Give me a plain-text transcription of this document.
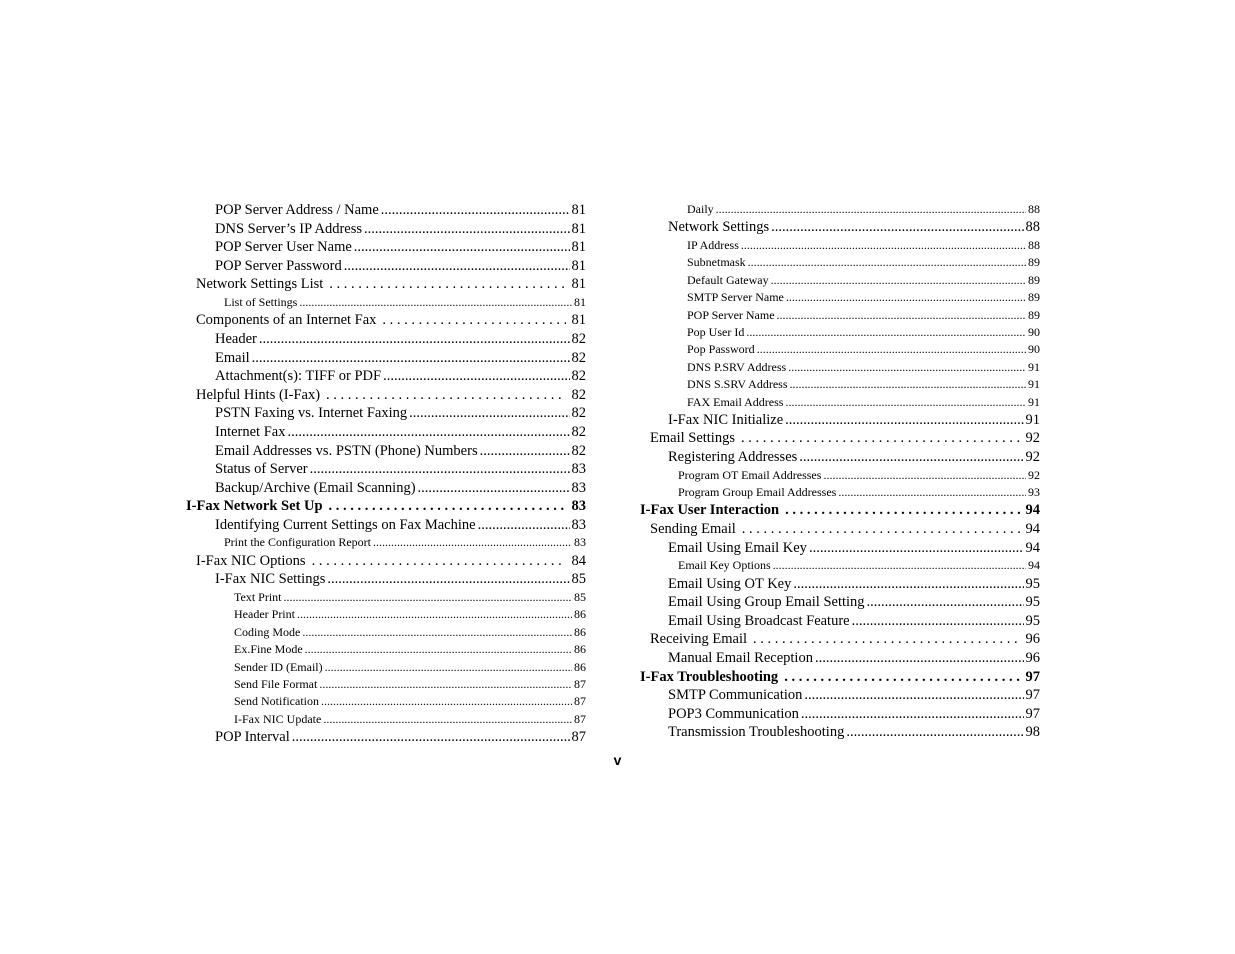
POP Server Address / Name .....	81
DNS Server’s IP Address .....	81
POP Server User Name .....	81
POP Server Password .....	81
Network Settings List . . .	81
List of Settings .....	81
Components of an Internet Fax . . .	81
Header .....	82
Email .....	82
Attachment(s): TIFF or PDF .....	82
Helpful Hints (I-Fax) . . .	82
PSTN Faxing vs. Internet Faxing .....	82
Internet Fax .....	82
Email Addresses vs. PSTN (Phone) Numbers .....	82
Status of Server .....	83
Backup/Archive (Email Scanning) .....	83
I-Fax Network Set Up . . .	83
Identifying Current Settings on Fax Machine .....	83
Print the Configuration Report .....	83
I-Fax NIC Options . . .	84
I-Fax NIC Settings .....	85
Text Print .....	85
Header Print .....	86
Coding Mode .....	86
Ex.Fine Mode .....	86
Sender ID (Email) .....	86
Send File Format .....	87
Send Notification .....	87
I-Fax NIC Update .....	87
POP Interval .....	87
Daily .....	88
Network Settings .....	88
IP Address .....	88
Subnetmask .....	89
Default Gateway .....	89
SMTP Server Name .....	89
POP Server Name .....	89
Pop User Id .....	90
Pop Password .....	90
DNS P.SRV Address .....	91
DNS S.SRV Address .....	91
FAX Email Address .....	91
I-Fax NIC Initialize .....	91
Email Settings . . .	92
Registering Addresses .....	92
Program OT Email Addresses .....	92
Program Group Email Addresses .....	93
I-Fax User Interaction . . .	94
Sending Email . . .	94
Email Using Email Key .....	94
Email Key Options .....	94
Email Using OT Key .....	95
Email Using Group Email Setting .....	95
Email Using Broadcast Feature .....	95
Receiving Email . . .	96
Manual Email Reception .....	96
I-Fax Troubleshooting . . .	97
SMTP Communication .....	97
POP3 Communication .....	97
Transmission Troubleshooting .....	98
v
